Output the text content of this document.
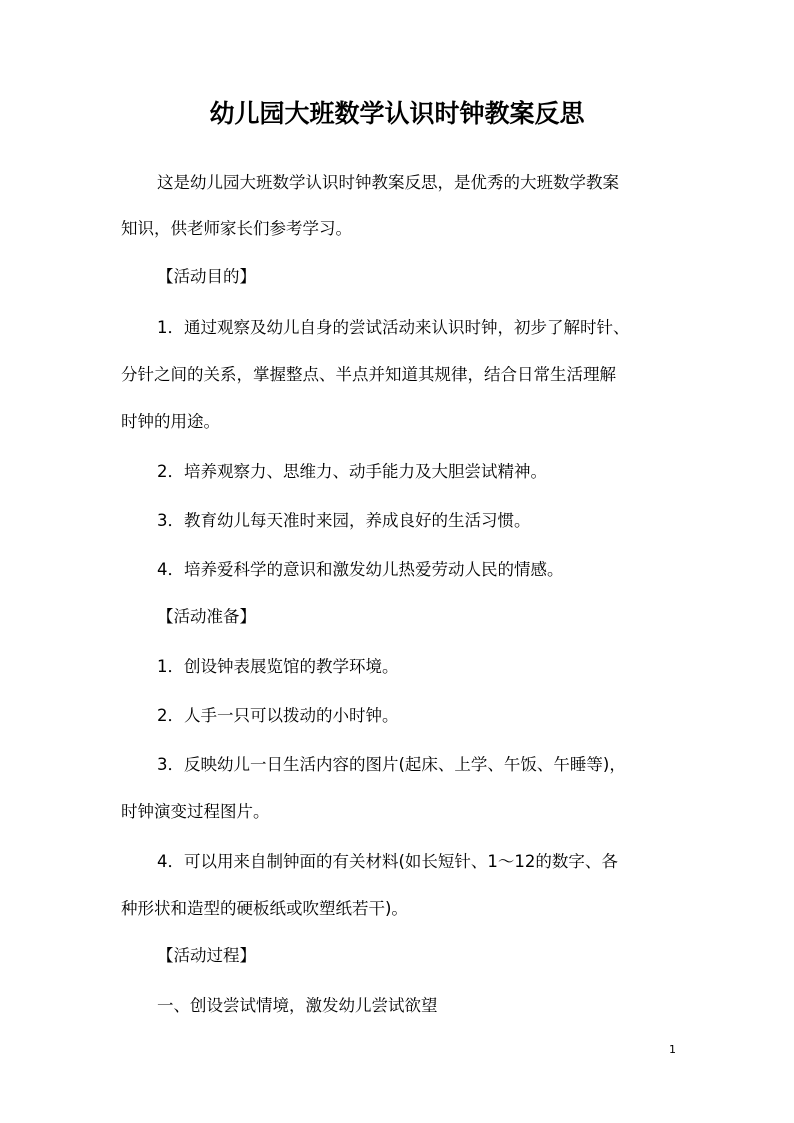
幼儿园大班数学认识时钟教案反思
这是幼儿园大班数学认识时钟教案反思，是优秀的大班数学教案
知识，供老师家长们参考学习。
【活动目的】
1．通过观察及幼儿自身的尝试活动来认识时钟，初步了解时针、
分针之间的关系，掌握整点、半点并知道其规律，结合日常生活理解
时钟的用途。
2．培养观察力、思维力、动手能力及大胆尝试精神。
3．教育幼儿每天准时来园，养成良好的生活习惯。
4．培养爱科学的意识和激发幼儿热爱劳动人民的情感。
【活动准备】
1．创设钟表展览馆的教学环境。
2．人手一只可以拨动的小时钟。
3．反映幼儿一日生活内容的图片(起床、上学、午饭、午睡等)，
时钟演变过程图片。
4．可以用来自制钟面的有关材料(如长短针、1～12的数字、各
种形状和造型的硬板纸或吹塑纸若干)。
【活动过程】
一、创设尝试情境，激发幼儿尝试欲望
1
